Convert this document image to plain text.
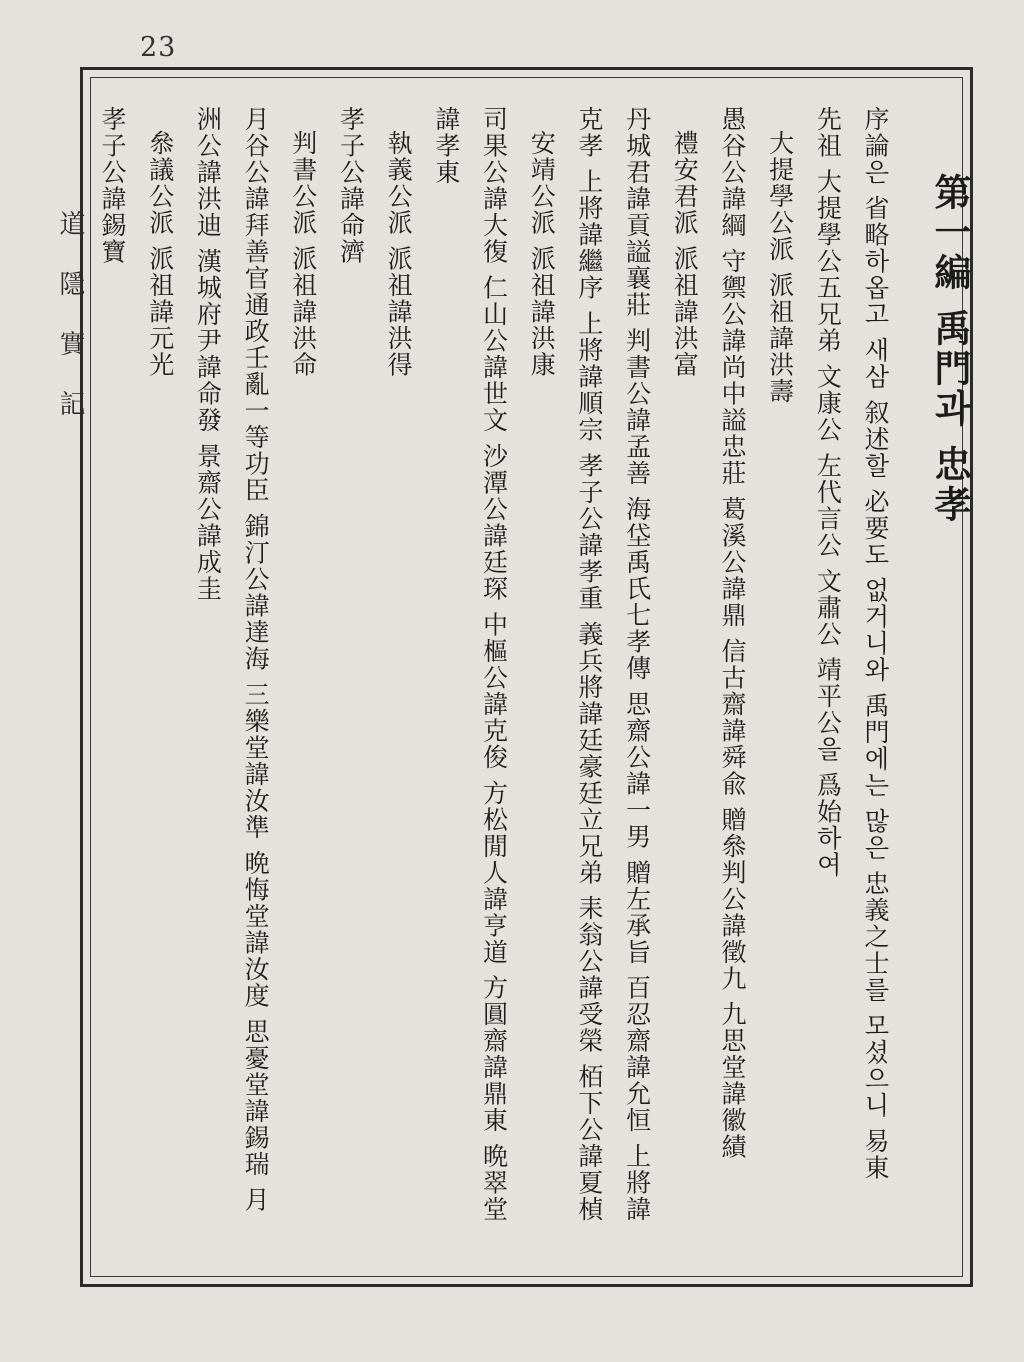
23
道隱實記	第一編 禹門과 忠孝
序論은 省略하옵고 새삼 叙述할 必要도 없거니와 禹門에는 많은 忠義之士를 모셨으니 易東
先祖 大提學公五兄弟 文康公 左代言公 文肅公 靖平公을 爲始하여
大提學公派 派祖諱洪壽
愚谷公諱綱 守禦公諱尚中謚忠莊 葛溪公諱鼎 信古齋諱舜兪 贈叅判公諱徵九 九思堂諱徽績
禮安君派 派祖諱洪富
丹城君諱貢謚襄莊 判書公諱孟善 海垈禹氏七孝傳 思齋公諱一男 贈左承旨 百忍齋諱允恒 上將諱
克孝 上將諱繼序 上將諱順宗 孝子公諱孝重 義兵將諱廷豪廷立兄弟 耒翁公諱受榮 栢下公諱夏楨
安靖公派 派祖諱洪康
司果公諱大復 仁山公諱世文 沙潭公諱廷琛 中樞公諱克俊 方松閒人諱亨道 方圓齋諱鼎東 晩翠堂
諱孝東
執義公派 派祖諱洪得
孝子公諱命濟
判書公派 派祖諱洪命
月谷公諱拜善官通政壬亂一等功臣 錦汀公諱達海 三樂堂諱汝準 晩悔堂諱汝度 思憂堂諱錫瑞 月
洲公諱洪迪 漢城府尹諱命發 景齋公諱成圭
叅議公派 派祖諱元光
孝子公諱錫寶
